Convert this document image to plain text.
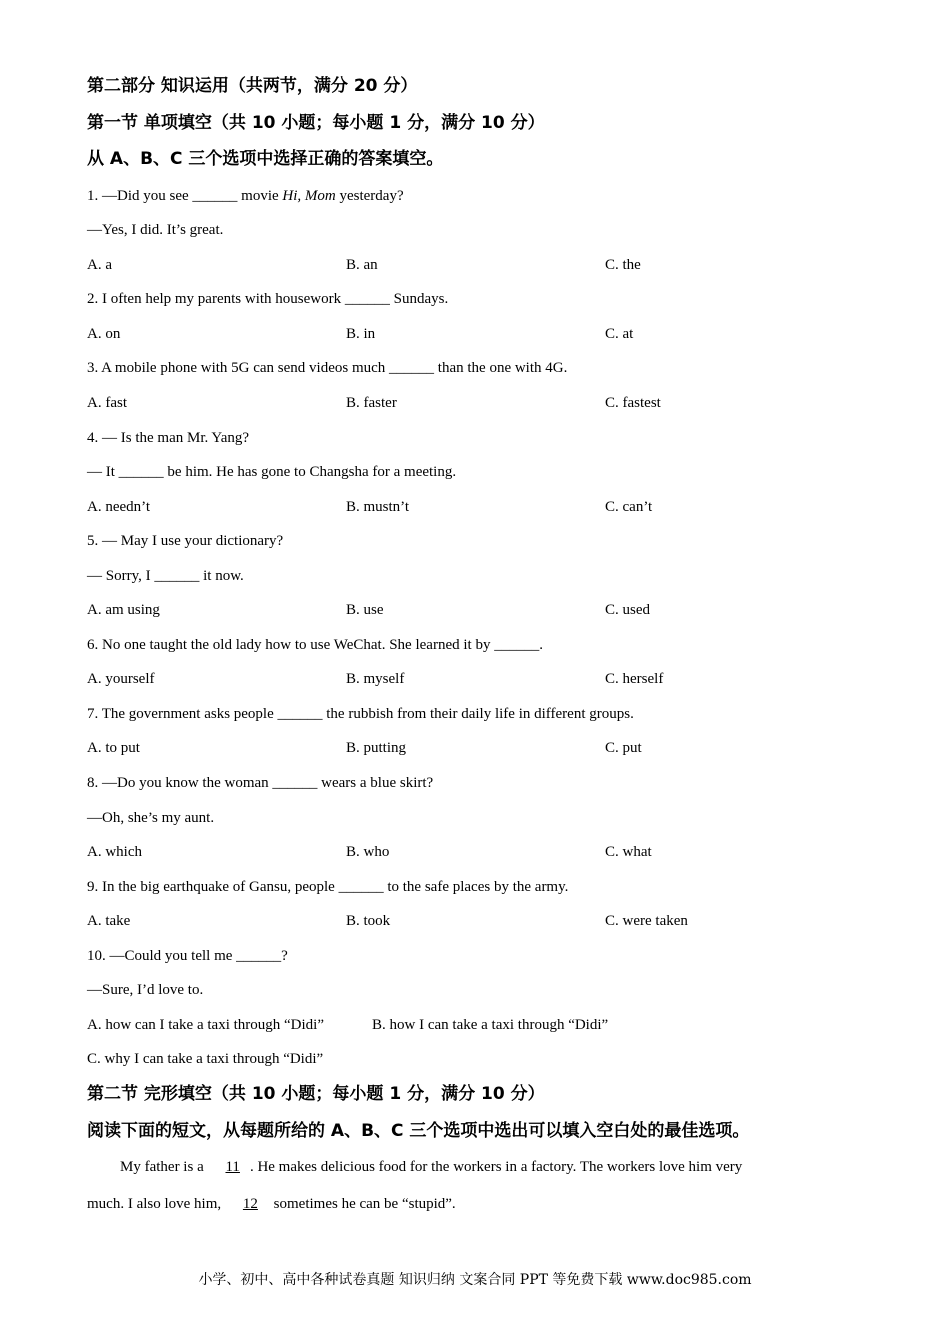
第二部分 知识运用（共两节，满分 20 分）
第一节 单项填空（共 10 小题；每小题 1 分，满分 10 分）
从 A、B、C 三个选项中选择正确的答案填空。
1. —Did you see ______ movie Hi, Mom yesterday?
—Yes, I did. It’s great.
A. a	B. an	C. the
2. I often help my parents with housework ______ Sundays.
A. on	B. in	C. at
3. A mobile phone with 5G can send videos much ______ than the one with 4G.
A. fast	B. faster	C. fastest
4. — Is the man Mr. Yang?
— It ______ be him. He has gone to Changsha for a meeting.
A. needn’t	B. mustn’t	C. can’t
5. — May I use your dictionary?
— Sorry, I ______ it now.
A. am using	B. use	C. used
6. No one taught the old lady how to use WeChat. She learned it by ______.
A. yourself	B. myself	C. herself
7. The government asks people ______ the rubbish from their daily life in different groups.
A. to put	B. putting	C. put
8. —Do you know the woman ______ wears a blue skirt?
—Oh, she’s my aunt.
A. which	B. who	C. what
9. In the big earthquake of Gansu, people ______ to the safe places by the army.
A. take	B. took	C. were taken
10. —Could you tell me ______?
—Sure, I’d love to.
A. how can I take a taxi through “Didi”	B. how I can take a taxi through “Didi”
C. why I can take a taxi through “Didi”
第二节 完形填空（共 10 小题；每小题 1 分，满分 10 分）
阅读下面的短文，从每题所给的 A、B、C 三个选项中选出可以填入空白处的最佳选项。
My father is a 11 . He makes delicious food for the workers in a factory. The workers love him very
much. I also love him, 12 sometimes he can be “stupid”.
小学、初中、高中各种试卷真题 知识归纳 文案合同 PPT 等免费下载 www.doc985.com
